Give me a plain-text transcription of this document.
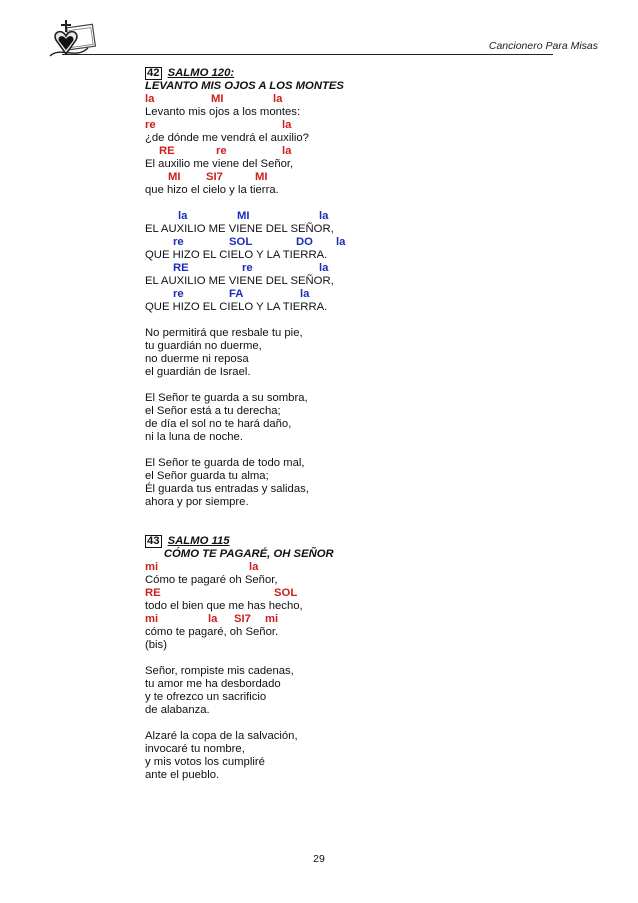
Cancionero Para Misas
42 SALMO 120:
LEVANTO MIS OJOS A LOS MONTES
la	MI	la
Levanto mis ojos a los montes:
re	la
¿de dónde me vendrá el auxilio?
RE	re	la
El auxilio me viene del Señor,
MI SI7	MI
que hizo el cielo y la tierra.
la	MI	la
EL AUXILIO ME VIENE DEL SEÑOR,
re	SOL	DO la
QUE HIZO EL CIELO Y LA TIERRA.
RE	re	la
EL AUXILIO ME VIENE DEL SEÑOR,
re	FA	la
QUE HIZO EL CIELO Y LA TIERRA.
No permitirá que resbale tu pie,
tu guardián no duerme,
no duerme ni reposa
el guardián de Israel.
El Señor te guarda a su sombra,
el Señor está a tu derecha;
de día el sol no te hará daño,
ni la luna de noche.
El Señor te guarda de todo mal,
el Señor guarda tu alma;
Él guarda tus entradas y salidas,
ahora y por siempre.
43 SALMO 115
CÓMO TE PAGARÉ, OH SEÑOR
mi	la
Cómo te pagaré oh Señor,
RE	SOL
todo el bien que me has hecho,
mi	la SI7 mi
cómo te pagaré, oh Señor.
(bis)
Señor, rompiste mis cadenas,
tu amor me ha desbordado
y te ofrezco un sacrificio
de alabanza.
Alzaré la copa de la salvación,
invocaré tu nombre,
y mis votos los cumpliré
ante el pueblo.
29
